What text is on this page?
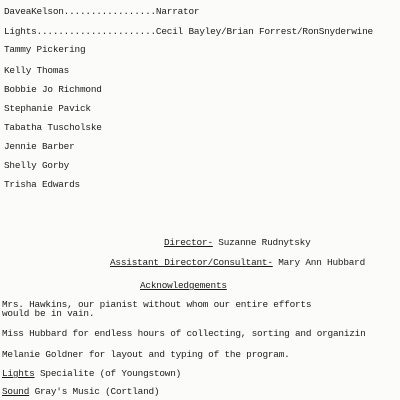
DaveaKelson.................Narrator
Lights......................Cecil Bayley/Brian Forrest/RonSnyderwine
Tammy Pickering
Kelly Thomas
Bobbie Jo Richmond
Stephanie Pavick
Tabatha Tuscholske
Jennie Barber
Shelly Gorby
Trisha Edwards
Director- Suzanne Rudnytsky
Assistant Director/Consultant- Mary Ann Hubbard
Acknowledgements
Mrs. Hawkins, our pianist without whom our entire efforts
would be in vain.
Miss Hubbard for endless hours of collecting, sorting and organizin
Melanie Goldner for layout and typing of the program.
Lights Specialite (of Youngstown)
Sound Gray's Music (Cortland)
